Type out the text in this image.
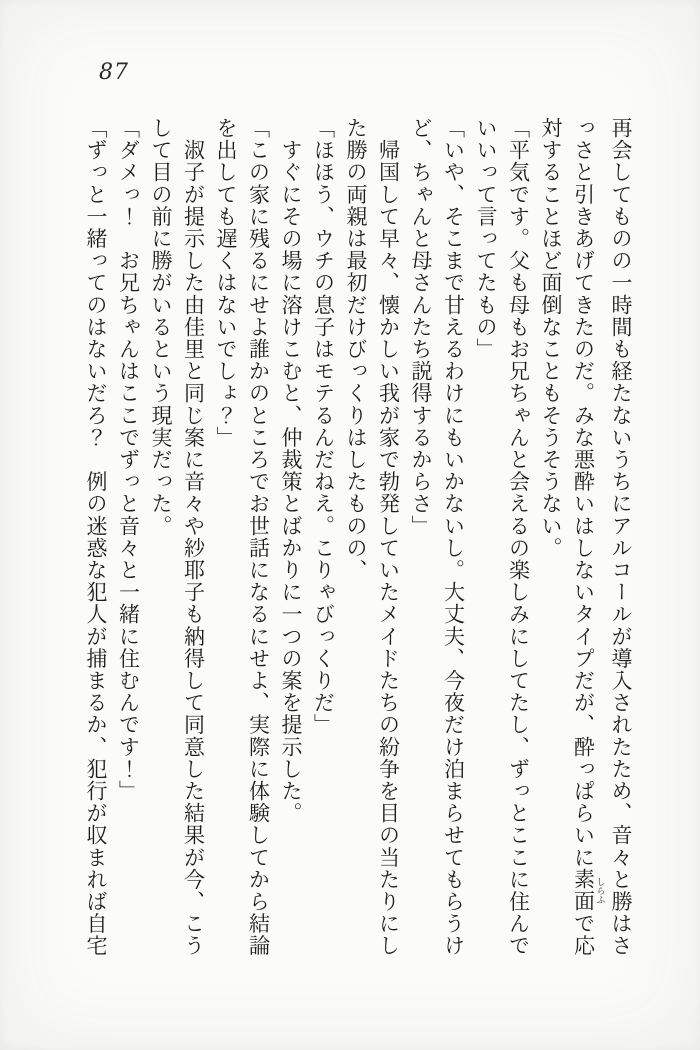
87

再会してものの一時間も経たないうちにアルコールが導入されたため、音々と勝はさ

っさと引きあげてきたのだ。みな悪酔いはしないタイプだが、酔っぱらいに素面 しらふで応

対することほど面倒なこともそうそうない。

「平気です。父も母もお兄ちゃんと会えるの楽しみにしてたし、ずっとここに住んで

いいって言ってたもの」

「いや、そこまで甘えるわけにもいかないし。大丈夫、今夜だけ泊まらせてもらうけ

ど、ちゃんと母さんたち説得するからさ」

　帰国して早々、懐かしい我が家で勃発していたメイドたちの紛争を目の当たりにし

た勝の両親は最初だけびっくりはしたものの、

「ほほう、ウチの息子はモテるんだねえ。こりゃびっくりだ」

　すぐにその場に溶けこむと、仲裁策とばかりに一つの案を提示した。

「この家に残るにせよ誰かのところでお世話になるにせよ、実際に体験してから結論

を出しても遅くはないでしょ？」

　淑子が提示した由佳里と同じ案に音々や紗耶子も納得して同意した結果が今、こう

して目の前に勝がいるという現実だった。

「ダメっ！　お兄ちゃんはここでずっと音々と一緒に住むんです！」

「ずっと一緒ってのはないだろ？　例の迷惑な犯人が捕まるか、犯行が収まれば自宅
